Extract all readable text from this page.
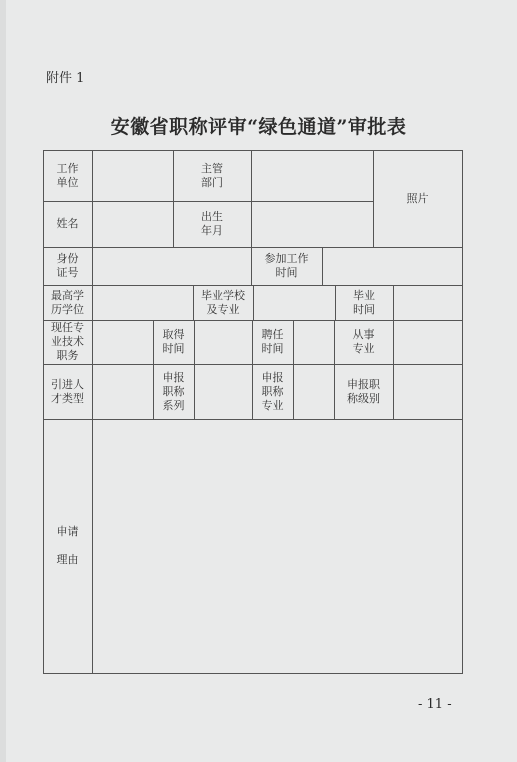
附件 1
安徽省职称评审“绿色通道”审批表
工作
单位
主管
部门
照片
姓名
出生
年月
身份
证号
参加工作
时间
最高学
历学位
毕业学校
及专业
毕业
时间
现任专
业技术
职务
取得
时间
聘任
时间
从事
专业
引进人
才类型
申报
职称
系列
申报
职称
专业
申报职
称级别
申请

理由
- 11 -
